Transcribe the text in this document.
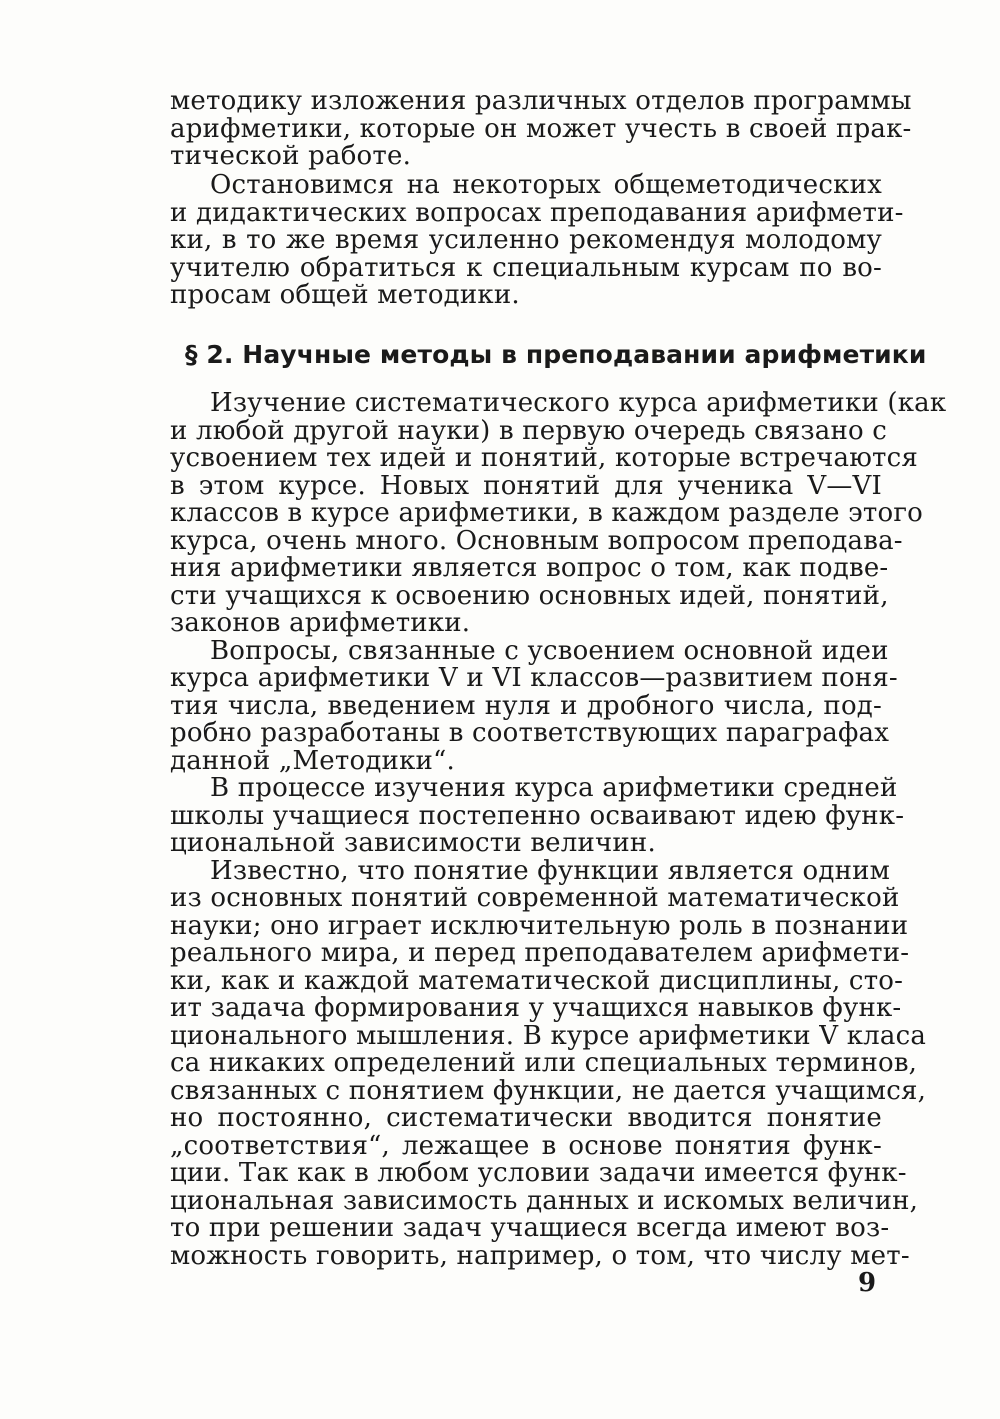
методику изложения различных отделов программы
арифметики, которые он может учесть в своей прак-
тической работе.
Остановимся на некоторых общеметодических
и дидактических вопросах преподавания арифмети-
ки, в то же время усиленно рекомендуя молодому
учителю обратиться к специальным курсам по во-
просам общей методики.
§ 2. Научные методы в преподавании арифметики
Изучение систематического курса арифметики (как
и любой другой науки) в первую очередь связано с
усвоением тех идей и понятий, которые встречаются
в этом курсе. Новых понятий для ученика V—VI
классов в курсе арифметики, в каждом разделе этого
курса, очень много. Основным вопросом преподава-
ния арифметики является вопрос о том, как подве-
сти учащихся к освоению основных идей, понятий,
законов арифметики.
Вопросы, связанные с усвоением основной идеи
курса арифметики V и VI классов—развитием поня-
тия числа, введением нуля и дробного числа, под-
робно разработаны в соответствующих параграфах
данной „Методики“.
В процессе изучения курса арифметики средней
школы учащиеся постепенно осваивают идею функ-
циональной зависимости величин.
Известно, что понятие функции является одним
из основных понятий современной математической
науки; оно играет исключительную роль в познании
реального мира, и перед преподавателем арифмети-
ки, как и каждой математической дисциплины, сто-
ит задача формирования у учащихся навыков функ-
ционального мышления. В курсе арифметики V класа
са никаких определений или специальных терминов,
связанных с понятием функции, не дается учащимся,
но постоянно, систематически вводится понятие
„соответствия“, лежащее в основе понятия функ-
ции. Так как в любом условии задачи имеется функ-
циональная зависимость данных и искомых величин,
то при решении задач учащиеся всегда имеют воз-
можность говорить, например, о том, что числу мет-
9
